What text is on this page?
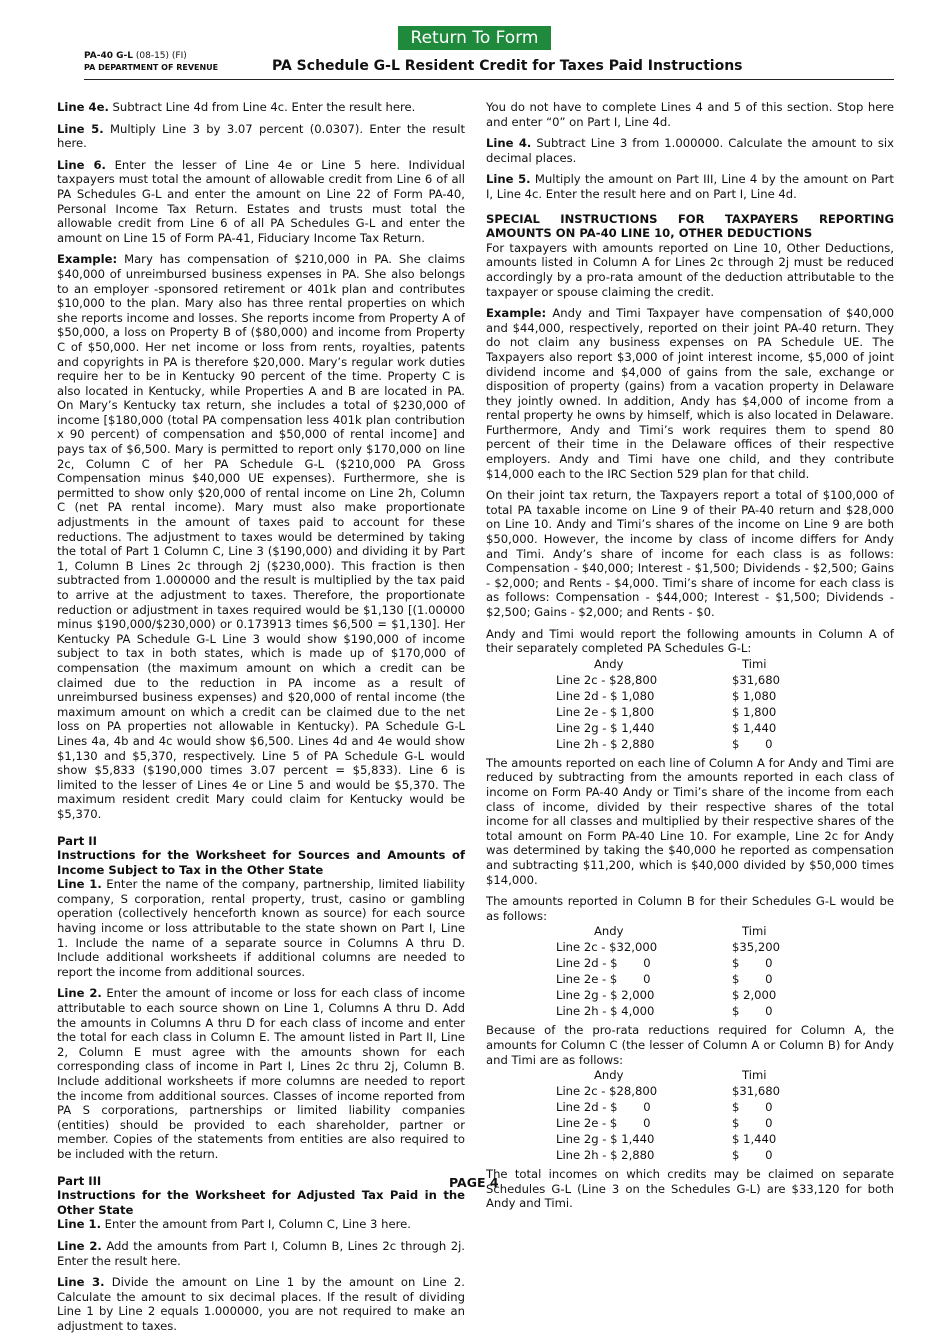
Return To Form
PA-40 G-L (08-15) (FI)
PA DEPARTMENT OF REVENUE	PA Schedule G-L Resident Credit for Taxes Paid Instructions

Line 4e. Subtract Line 4d from Line 4c. Enter the result here.

Line 5. Multiply Line 3 by 3.07 percent (0.0307). Enter the result here.

Line 6. Enter the lesser of Line 4e or Line 5 here. Individual taxpayers must total the amount of allowable credit from Line 6 of all PA Schedules G-L and enter the amount on Line 22 of Form PA-40, Personal Income Tax Return. Estates and trusts must total the allowable credit from Line 6 of all PA Schedules G-L and enter the amount on Line 15 of Form PA-41, Fiduciary Income Tax Return.

Example: Mary has compensation of $210,000 in PA. She claims $40,000 of unreimbursed business expenses in PA. She also belongs to an employer -sponsored retirement or 401k plan and contributes $10,000 to the plan. Mary also has three rental properties on which she reports income and losses. She reports income from Property A of $50,000, a loss on Property B of ($80,000) and income from Property C of $50,000. Her net income or loss from rents, royalties, patents and copyrights in PA is therefore $20,000. Mary’s regular work duties require her to be in Kentucky 90 percent of the time. Property C is also located in Kentucky, while Properties A and B are located in PA. On Mary’s Kentucky tax return, she includes a total of $230,000 of income [$180,000 (total PA compensation less 401k plan contribution x 90 percent) of compensation and $50,000 of rental income] and pays tax of $6,500. Mary is permitted to report only $170,000 on line 2c, Column C of her PA Schedule G-L ($210,000 PA Gross Compensation minus $40,000 UE expenses). Furthermore, she is permitted to show only $20,000 of rental income on Line 2h, Column C (net PA rental income). Mary must also make proportionate adjustments in the amount of taxes paid to account for these reductions. The adjustment to taxes would be determined by taking the total of Part 1 Column C, Line 3 ($190,000) and dividing it by Part 1, Column B Lines 2c through 2j ($230,000). This fraction is then subtracted from 1.000000 and the result is multiplied by the tax paid to arrive at the adjustment to taxes. Therefore, the proportionate reduction or adjustment in taxes required would be $1,130 [(1.00000 minus $190,000/$230,000) or 0.173913 times $6,500 = $1,130]. Her Kentucky PA Schedule G-L Line 3 would show $190,000 of income subject to tax in both states, which is made up of $170,000 of compensation (the maximum amount on which a credit can be claimed due to the reduction in PA income as a result of unreimbursed business expenses) and $20,000 of rental income (the maximum amount on which a credit can be claimed due to the net loss on PA properties not allowable in Kentucky). PA Schedule G-L Lines 4a, 4b and 4c would show $6,500. Lines 4d and 4e would show $1,130 and $5,370, respectively. Line 5 of PA Schedule G-L would show $5,833 ($190,000 times 3.07 percent = $5,833). Line 6 is limited to the lesser of Lines 4e or Line 5 and would be $5,370. The maximum resident credit Mary could claim for Kentucky would be $5,370.

Part II
Instructions for the Worksheet for Sources and Amounts of Income Subject to Tax in the Other State

Line 1. Enter the name of the company, partnership, limited liability company, S corporation, rental property, trust, casino or gambling operation (collectively henceforth known as source) for each source having income or loss attributable to the state shown on Part I, Line 1. Include the name of a separate source in Columns A thru D. Include additional worksheets if additional columns are needed to report the income from additional sources.

Line 2. Enter the amount of income or loss for each class of income attributable to each source shown on Line 1, Columns A thru D. Add the amounts in Columns A thru D for each class of income and enter the total for each class in Column E. The amount listed in Part II, Line 2, Column E must agree with the amounts shown for each corresponding class of income in Part I, Lines 2c thru 2j, Column B. Include additional worksheets if more columns are needed to report the income from additional sources. Classes of income reported from PA S corporations, partnerships or limited liability companies (entities) should be provided to each shareholder, partner or member. Copies of the statements from entities are also required to be included with the return.

Part III
Instructions for the Worksheet for Adjusted Tax Paid in the Other State

Line 1. Enter the amount from Part I, Column C, Line 3 here.

Line 2. Add the amounts from Part I, Column B, Lines 2c through 2j. Enter the result here.

Line 3. Divide the amount on Line 1 by the amount on Line 2. Calculate the amount to six decimal places. If the result of dividing Line 1 by Line 2 equals 1.000000, you are not required to make an adjustment to taxes.

You do not have to complete Lines 4 and 5 of this section. Stop here and enter “0” on Part I, Line 4d.

Line 4. Subtract Line 3 from 1.000000. Calculate the amount to six decimal places.

Line 5. Multiply the amount on Part III, Line 4 by the amount on Part I, Line 4c. Enter the result here and on Part I, Line 4d.

SPECIAL INSTRUCTIONS FOR TAXPAYERS REPORTING AMOUNTS ON PA-40 LINE 10, OTHER DEDUCTIONS

For taxpayers with amounts reported on Line 10, Other Deductions, amounts listed in Column A for Lines 2c through 2j must be reduced accordingly by a pro-rata amount of the deduction attributable to the taxpayer or spouse claiming the credit.

Example: Andy and Timi Taxpayer have compensation of $40,000 and $44,000, respectively, reported on their joint PA-40 return. They do not claim any business expenses on PA Schedule UE. The Taxpayers also report $3,000 of joint interest income, $5,000 of joint dividend income and $4,000 of gains from the sale, exchange or disposition of property (gains) from a vacation property in Delaware they jointly owned. In addition, Andy has $4,000 of income from a rental property he owns by himself, which is also located in Delaware. Furthermore, Andy and Timi’s work requires them to spend 80 percent of their time in the Delaware offices of their respective employers. Andy and Timi have one child, and they contribute $14,000 each to the IRC Section 529 plan for that child.

On their joint tax return, the Taxpayers report a total of $100,000 of total PA taxable income on Line 9 of their PA-40 return and $28,000 on Line 10. Andy and Timi’s shares of the income on Line 9 are both $50,000. However, the income by class of income differs for Andy and Timi. Andy’s share of income for each class is as follows: Compensation - $40,000; Interest - $1,500; Dividends - $2,500; Gains - $2,000; and Rents - $4,000. Timi’s share of income for each class is as follows: Compensation - $44,000; Interest - $1,500; Dividends - $2,500; Gains - $2,000; and Rents - $0.

Andy and Timi would report the following amounts in Column A of their separately completed PA Schedules G-L:

Andy	Timi
Line 2c - $28,800	$31,680
Line 2d - $ 1,080	$ 1,080
Line 2e - $ 1,800	$ 1,800
Line 2g - $ 1,440	$ 1,440
Line 2h - $ 2,880	$       0

The amounts reported on each line of Column A for Andy and Timi are reduced by subtracting from the amounts reported in each class of income on Form PA-40 Andy or Timi’s share of the income from each class of income, divided by their respective shares of the total income for all classes and multiplied by their respective shares of the total amount on Form PA-40 Line 10. For example, Line 2c for Andy was determined by taking the $40,000 he reported as compensation and subtracting $11,200, which is $40,000 divided by $50,000 times $14,000.

The amounts reported in Column B for their Schedules G-L would be as follows:

Andy	Timi
Line 2c - $32,000	$35,200
Line 2d - $       0	$       0
Line 2e - $       0	$       0
Line 2g - $ 2,000	$ 2,000
Line 2h - $ 4,000	$       0

Because of the pro-rata reductions required for Column A, the amounts for Column C (the lesser of Column A or Column B) for Andy and Timi are as follows:

Andy	Timi
Line 2c - $28,800	$31,680
Line 2d - $       0	$       0
Line 2e - $       0	$       0
Line 2g - $ 1,440	$ 1,440
Line 2h - $ 2,880	$       0

The total incomes on which credits may be claimed on separate Schedules G-L (Line 3 on the Schedules G-L) are $33,120 for both Andy and Timi.

PAGE 4
